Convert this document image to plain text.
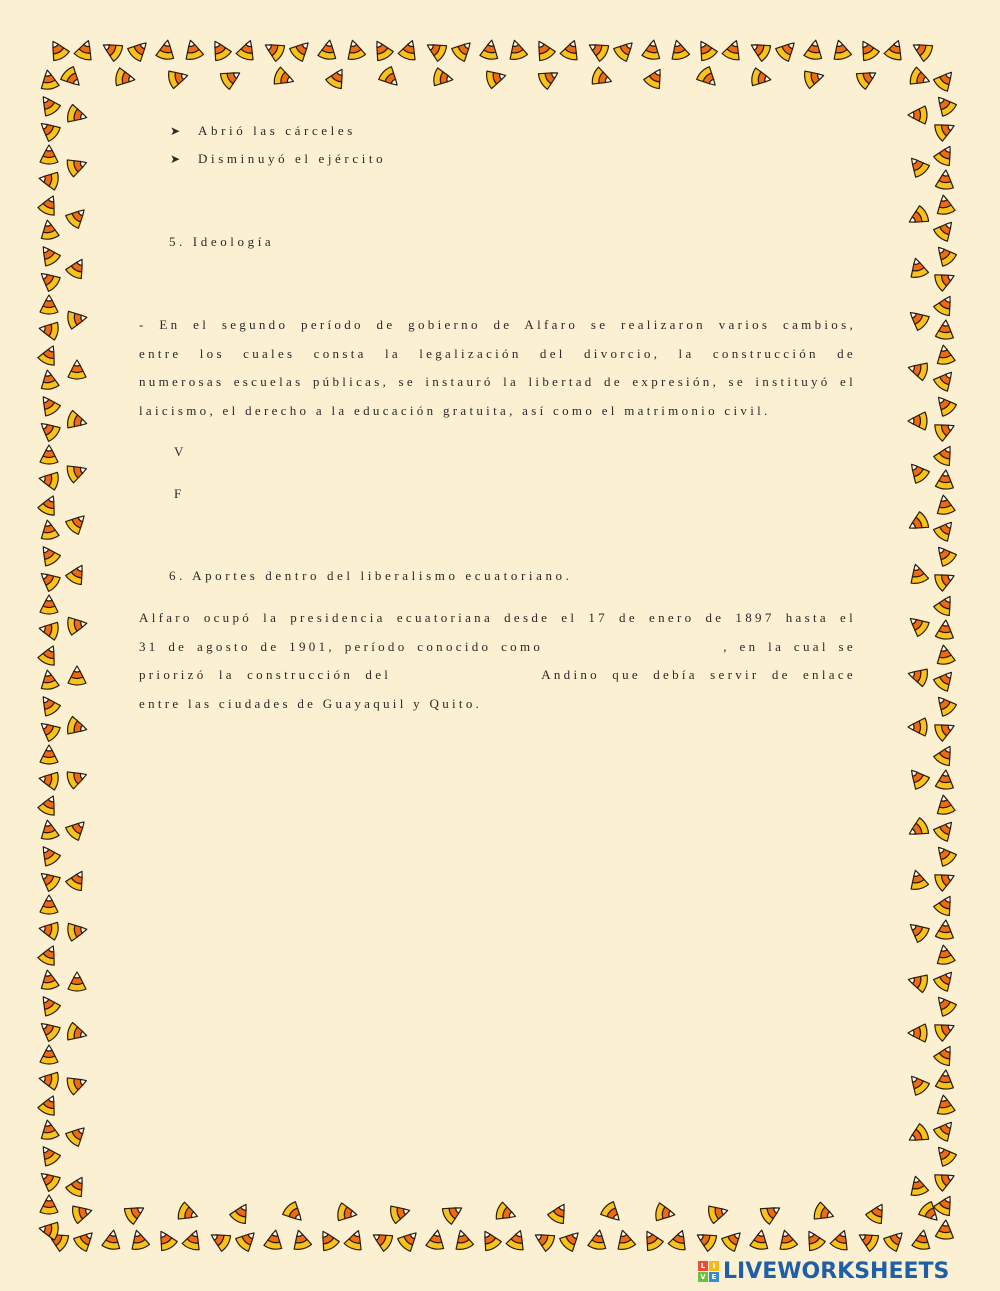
➤ Abrió las cárceles
➤ Disminuyó el ejército
5. Ideología
- En el segundo período de gobierno de Alfaro se realizaron varios cambios,
entre los cuales consta la legalización del divorcio, la construcción de
numerosas escuelas públicas, se instauró la libertad de expresión, se instituyó el
laicismo, el derecho a la educación gratuita, así como el matrimonio civil.
V
F
6. Aportes dentro del liberalismo ecuatoriano.
Alfaro ocupó la presidencia ecuatoriana desde el 17 de enero de 1897 hasta el
31 de agosto de 1901, período conocido como	, en la cual se
priorizó la construcción del	Andino que debía servir de enlace
entre las ciudades de Guayaquil y Quito.
L	I
V E LIVEWORKSHEETS
